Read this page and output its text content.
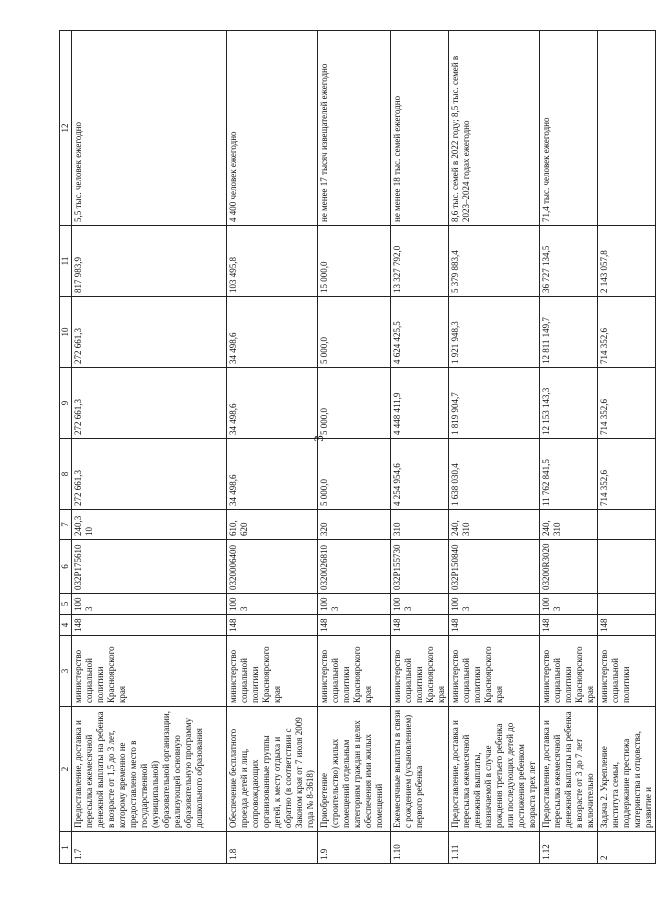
3
1	2	3	4	5	6	7	8	9	10	11	12
1.7	Предоставление, доставка и пересылка ежемесячной денежной выплаты на ребенка в возрасте от 1,5 до 3 лет, которому временно не предоставлено место в государственной (муниципальной) образовательной организации, реализующей основную образовательную программу дошкольного образования	министерство социальной политики Красноярского края	148	1003	032P175610	240,3 10	272 661,3	272 661,3	272 661,3	817 983,9	5,5 тыс. человек ежегодно
1.8	Обеспечение бесплатного проезда детей и лиц, сопровождающих организованные группы детей, к месту отдыха и обратно (в соответствии с Законом края от 7 июля 2009 года № 8-3618)	министерство социальной политики Красноярского края	148	1003	0320006400	610, 620	34 498,6	34 498,6	34 498,6	103 495,8	4 400 человек ежегодно
1.9	Приобретение (строительство) жилых помещений отдельным категориям граждан в целях обеспечения ими жилых помещений	министерство социальной политики Красноярского края	148	1003	0320026810	320	5 000,0	5 000,0	5 000,0	15 000,0	не менее 17 тысяч извещателей ежегодно
1.10	Ежемесячные выплаты в связи с рождением (усыновлением) первого ребенка	министерство социальной политики Красноярского края	148	1003	032P155730	310	4 254 954,6	4 448 411,9	4 624 425,5	13 327 792,0	не менее 18 тыс. семей ежегодно
1.11	Предоставление, доставка и пересылка ежемесячной денежной выплаты, назначаемой в случае рождения третьего ребенка или последующих детей до достижения ребенком возраста трех лет	министерство социальной политики Красноярского края	148	1003	032P150840	240, 310	1 638 030,4	1 819 904,7	1 921 948,3	5 379 883,4	8,6 тыс. семей в 2022 году; 8,5 тыс. семей в 2023–2024 годах ежегодно
1.12	Предоставление, доставка и пересылка ежемесячной денежной выплаты на ребенка в возрасте от 3 до 7 лет включительно	министерство социальной политики Красноярского края	148	1003	03200R3020	240, 310	11 762 841,5	12 153 143,3	12 811 149,7	36 727 134,5	71,4 тыс. человек ежегодно
2	Задача 2. Укрепление института семьи, поддержание престижа материнства и отцовства, развитие и	министерство социальной политики	148				714 352,6	714 352,6	714 352,6	2 143 057,8	
